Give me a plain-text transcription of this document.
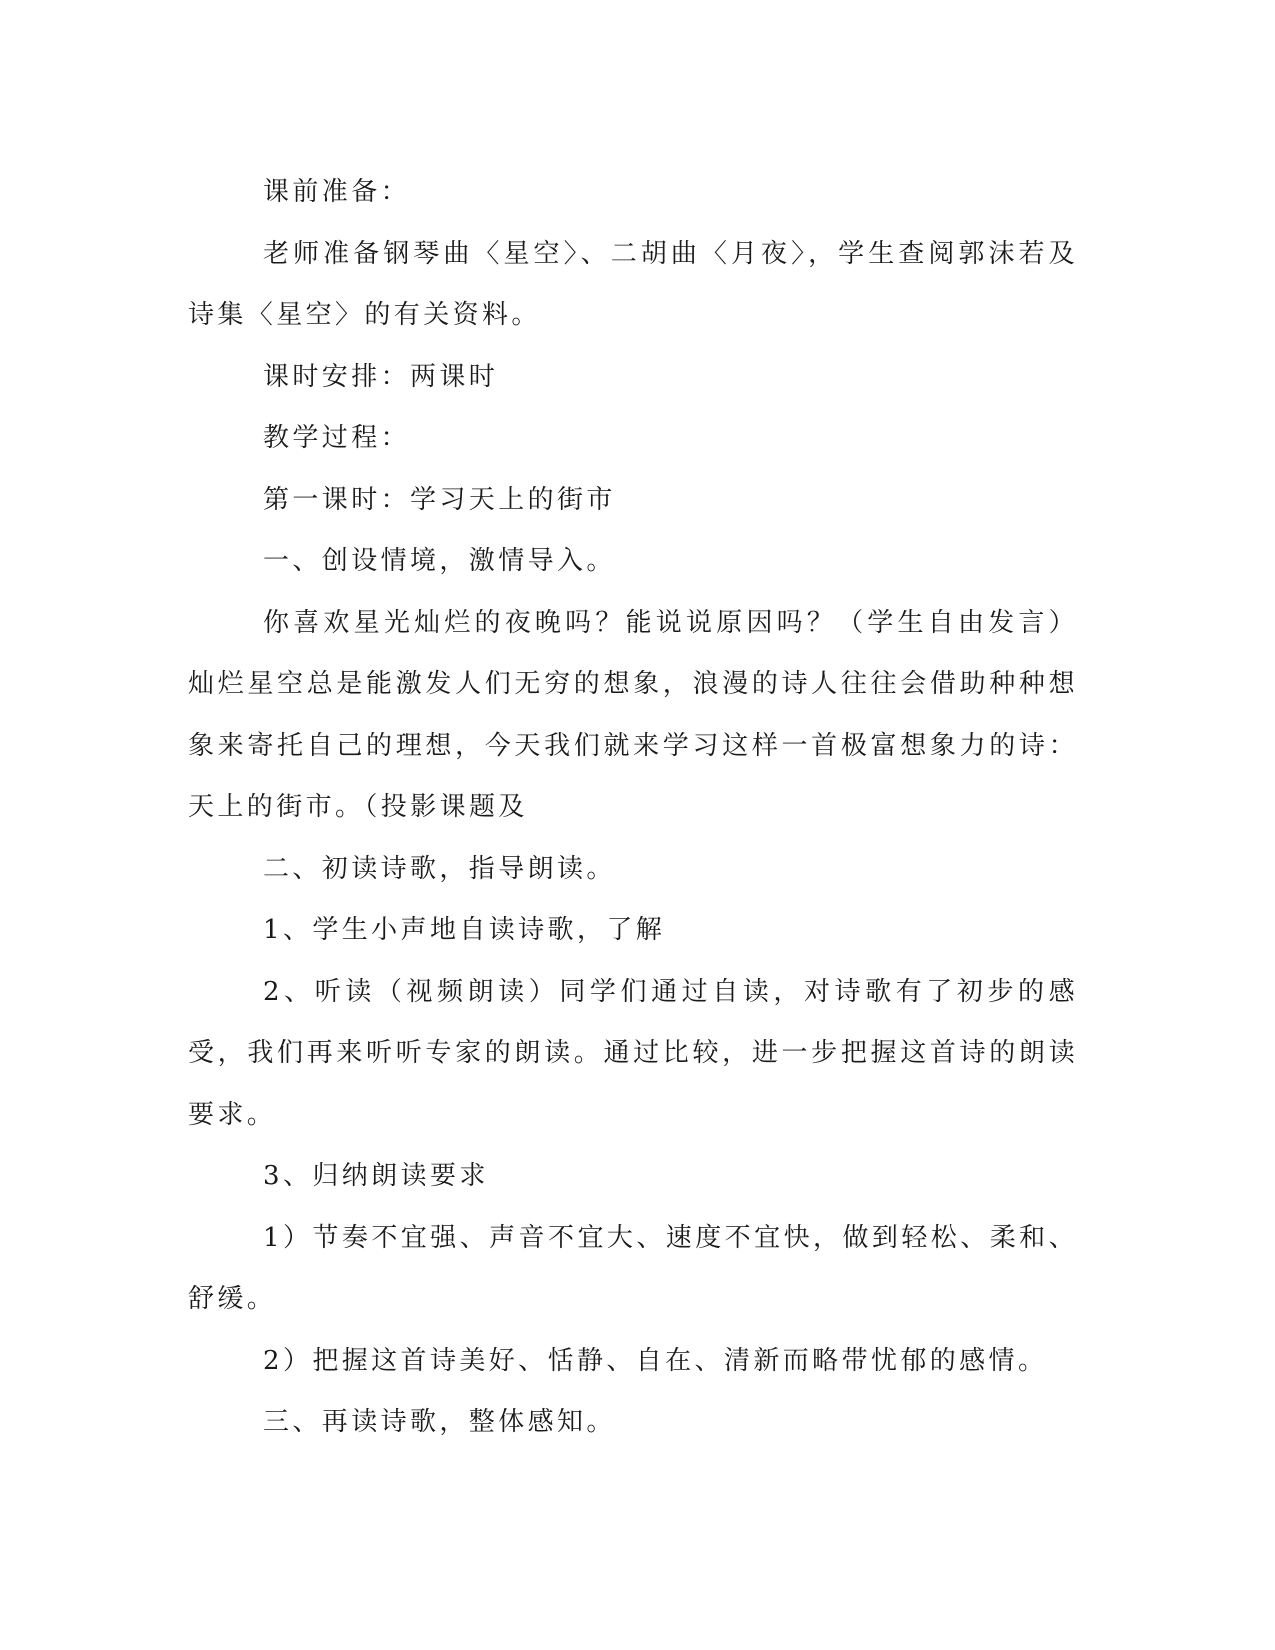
课前准备：

老师准备钢琴曲〈星空〉、二胡曲〈月夜〉，学生查阅郭沫若及诗集〈星空〉的有关资料。

课时安排：两课时

教学过程：

第一课时：学习天上的街市

一、创设情境，激情导入。

你喜欢星光灿烂的夜晚吗？能说说原因吗？（学生自由发言）灿烂星空总是能激发人们无穷的想象，浪漫的诗人往往会借助种种想象来寄托自己的理想，今天我们就来学习这样一首极富想象力的诗：天上的街市。（投影课题及

二、初读诗歌，指导朗读。

1、学生小声地自读诗歌，了解

2、听读（视频朗读）同学们通过自读，对诗歌有了初步的感受，我们再来听听专家的朗读。通过比较，进一步把握这首诗的朗读要求。

3、归纳朗读要求

1）节奏不宜强、声音不宜大、速度不宜快，做到轻松、柔和、舒缓。

2）把握这首诗美好、恬静、自在、清新而略带忧郁的感情。

三、再读诗歌，整体感知。
